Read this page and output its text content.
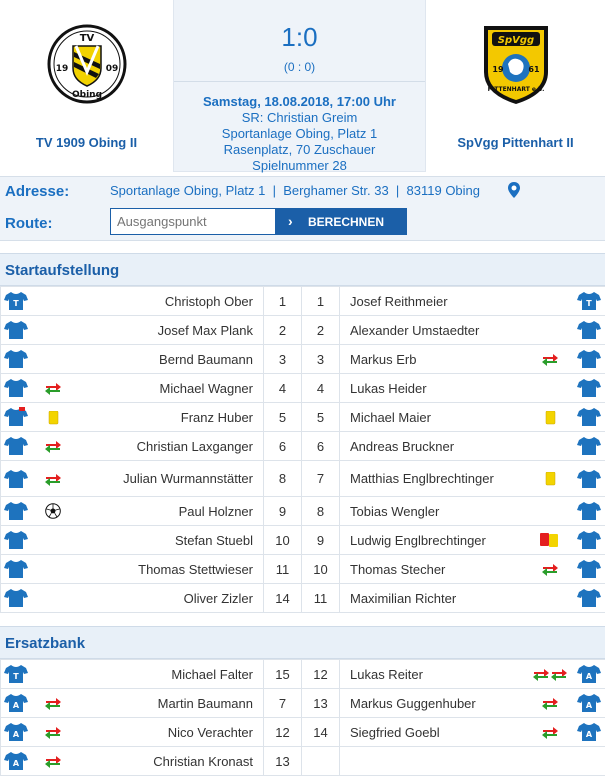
TV
19	09
Obing
TV 1909 Obing II
1:0
(0 : 0)
Samstag, 18.08.2018, 17:00 Uhr
SR: Christian Greim
Sportanlage Obing, Platz 1
Rasenplatz, 70 Zuschauer
Spielnummer 28
SpVgg
19	61
PITTENHART e.V.
SpVgg Pittenhart II
Adresse:	Sportanlage Obing, Platz 1  |  Berghamer Str. 33  |  83119 Obing
Route:
Ausgangspunkt	› BERECHNEN
Startaufstellung
T		Christoph Ober	1	1	Josef Reithmeier		T

		Josef Max Plank	2	2	Alexander Umstaedter		
		Bernd Baumann	3	3	Markus Erb		
		Michael Wagner	4	4	Lukas Heider		
		Franz Huber	5	5	Michael Maier		
		Christian Laxganger	6	6	Andreas Bruckner		
		Julian Wurmannstätter	8	7	Matthias Englbrechtinger		
		Paul Holzner	9	8	Tobias Wengler		
		Stefan Stuebl	10	9	Ludwig Englbrechtinger		
		Thomas Stettwieser	11	10	Thomas Stecher		
		Oliver Zizler	14	11	Maximilian Richter		
Ersatzbank
T		Michael Falter	15	12	Lukas Reiter		A

A		Martin Baumann	7	13	Markus Guggenhuber		A

A		Nico Verachter	12	14	Siegfried Goebl		A

A		Christian Kronast	13				
